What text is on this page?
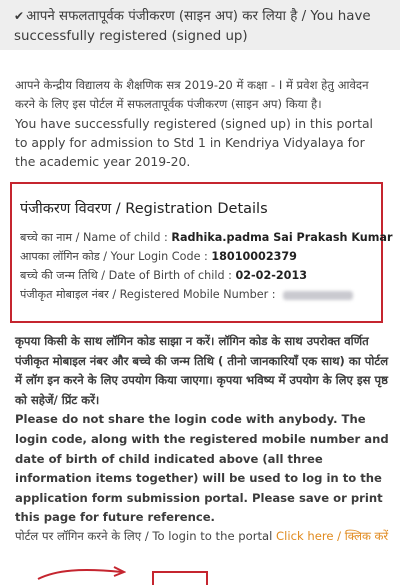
✔ आपने सफलतापूर्वक पंजीकरण (साइन अप) कर लिया है / You have successfully registered (signed up)
आपने केन्द्रीय विद्यालय के शैक्षणिक सत्र 2019-20 में कक्षा - I में प्रवेश हेतु आवेदन करने के लिए इस पोर्टल में सफलतापूर्वक पंजीकरण (साइन अप) किया है।
You have successfully registered (signed up) in this portal to apply for admission to Std 1 in Kendriya Vidyalaya for the academic year 2019-20.
पंजीकरण विवरण / Registration Details
बच्चे का नाम / Name of child : Radhika.padma Sai Prakash Kumar
आपका लॉगिन कोड / Your Login Code : 18010002379
बच्चे की जन्म तिथि / Date of Birth of child : 02-02-2013
पंजीकृत मोबाइल नंबर / Registered Mobile Number :
कृपया किसी के साथ लॉगिन कोड साझा न करें। लॉगिन कोड के साथ उपरोक्त वर्णित पंजीकृत मोबाइल नंबर और बच्चे की जन्म तिथि ( तीनो जानकारियाँ एक साथ) का पोर्टल में लॉग इन करने के लिए उपयोग किया जाएगा। कृपया भविष्य में उपयोग के लिए इस पृष्ठ को सहेजें/ प्रिंट करें।
Please do not share the login code with anybody. The login code, along with the registered mobile number and date of birth of child indicated above (all three information items together) will be used to log in to the application form submission portal. Please save or print this page for future reference.
पोर्टल पर लॉगिन करने के लिए / To login to the portal Click here / क्लिक करें
